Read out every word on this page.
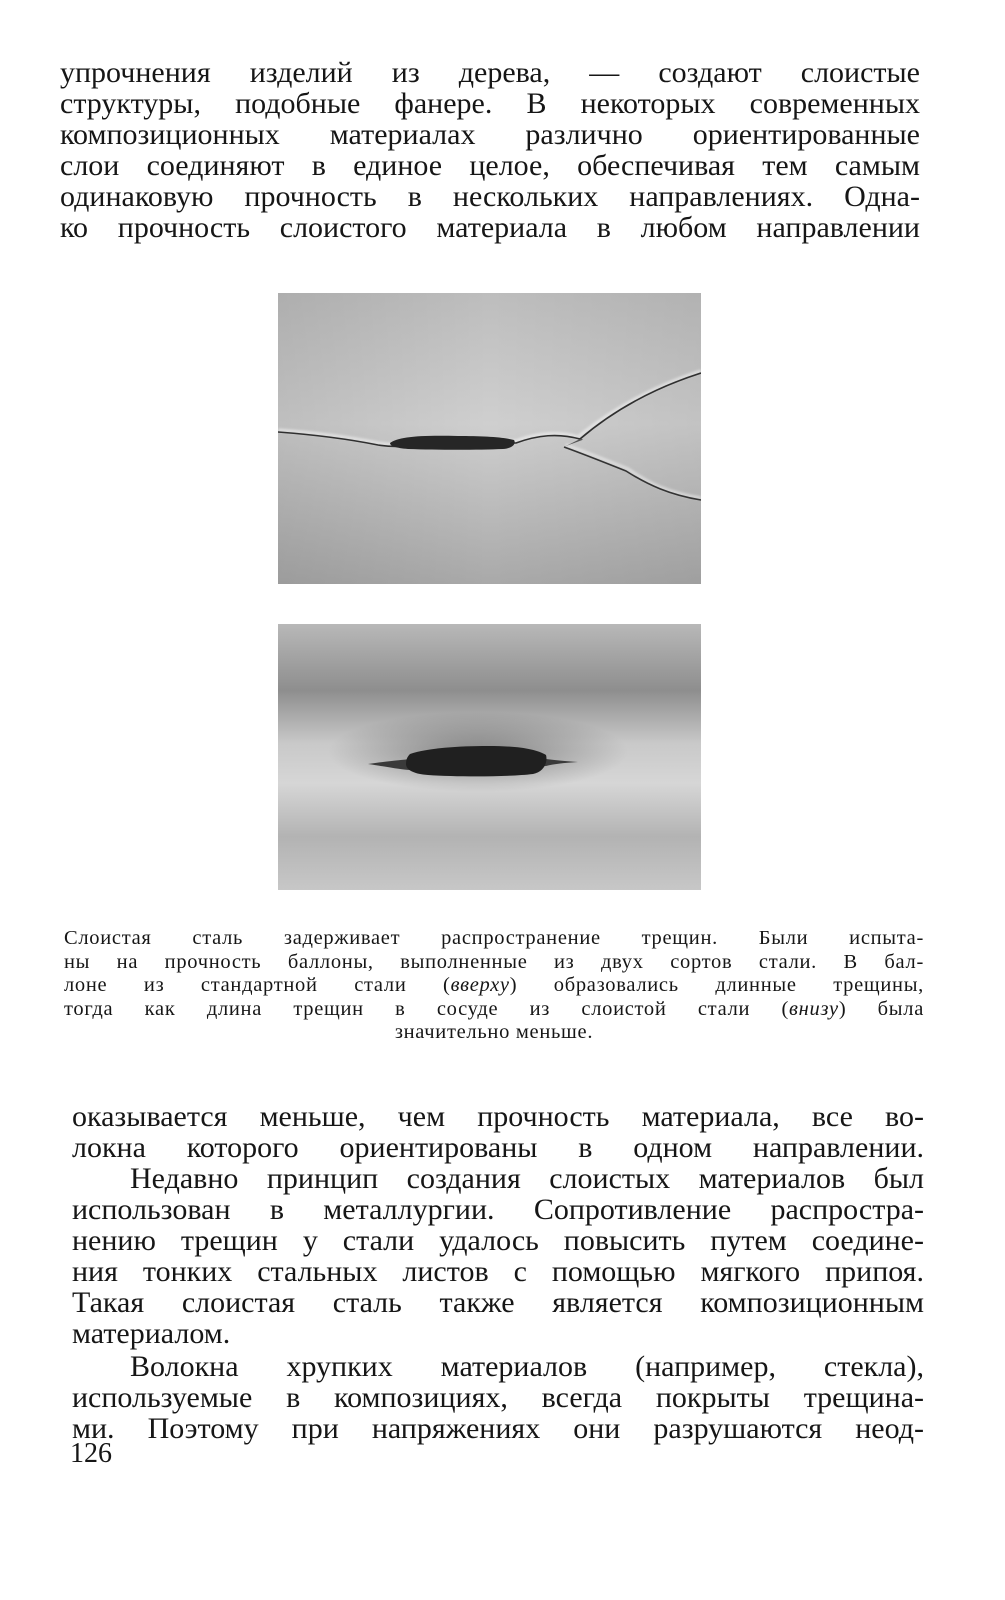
упрочнения изделий из дерева, — создают слоистые
структуры, подобные фанере. В некоторых современных
композиционных материалах различно ориентированные
слои соединяют в единое целое, обеспечивая тем самым
одинаковую прочность в нескольких направлениях. Одна-
ко прочность слоистого материала в любом направлении
Слоистая сталь задерживает распространение трещин. Были испыта-
ны на прочность баллоны, выполненные из двух сортов стали. В бал-
лоне из стандартной стали (вверху) образовались длинные трещины,
тогда как длина трещин в сосуде из слоистой стали (внизу) была
значительно меньше.
оказывается меньше, чем прочность материала, все во-
локна которого ориентированы в одном направлении.
Недавно принцип создания слоистых материалов был
использован в металлургии. Сопротивление распростра-
нению трещин у стали удалось повысить путем соедине-
ния тонких стальных листов с помощью мягкого припоя.
Такая слоистая сталь также является композиционным
материалом.
Волокна хрупких материалов (например, стекла),
используемые в композициях, всегда покрыты трещина-
ми. Поэтому при напряжениях они разрушаются неод-
126
